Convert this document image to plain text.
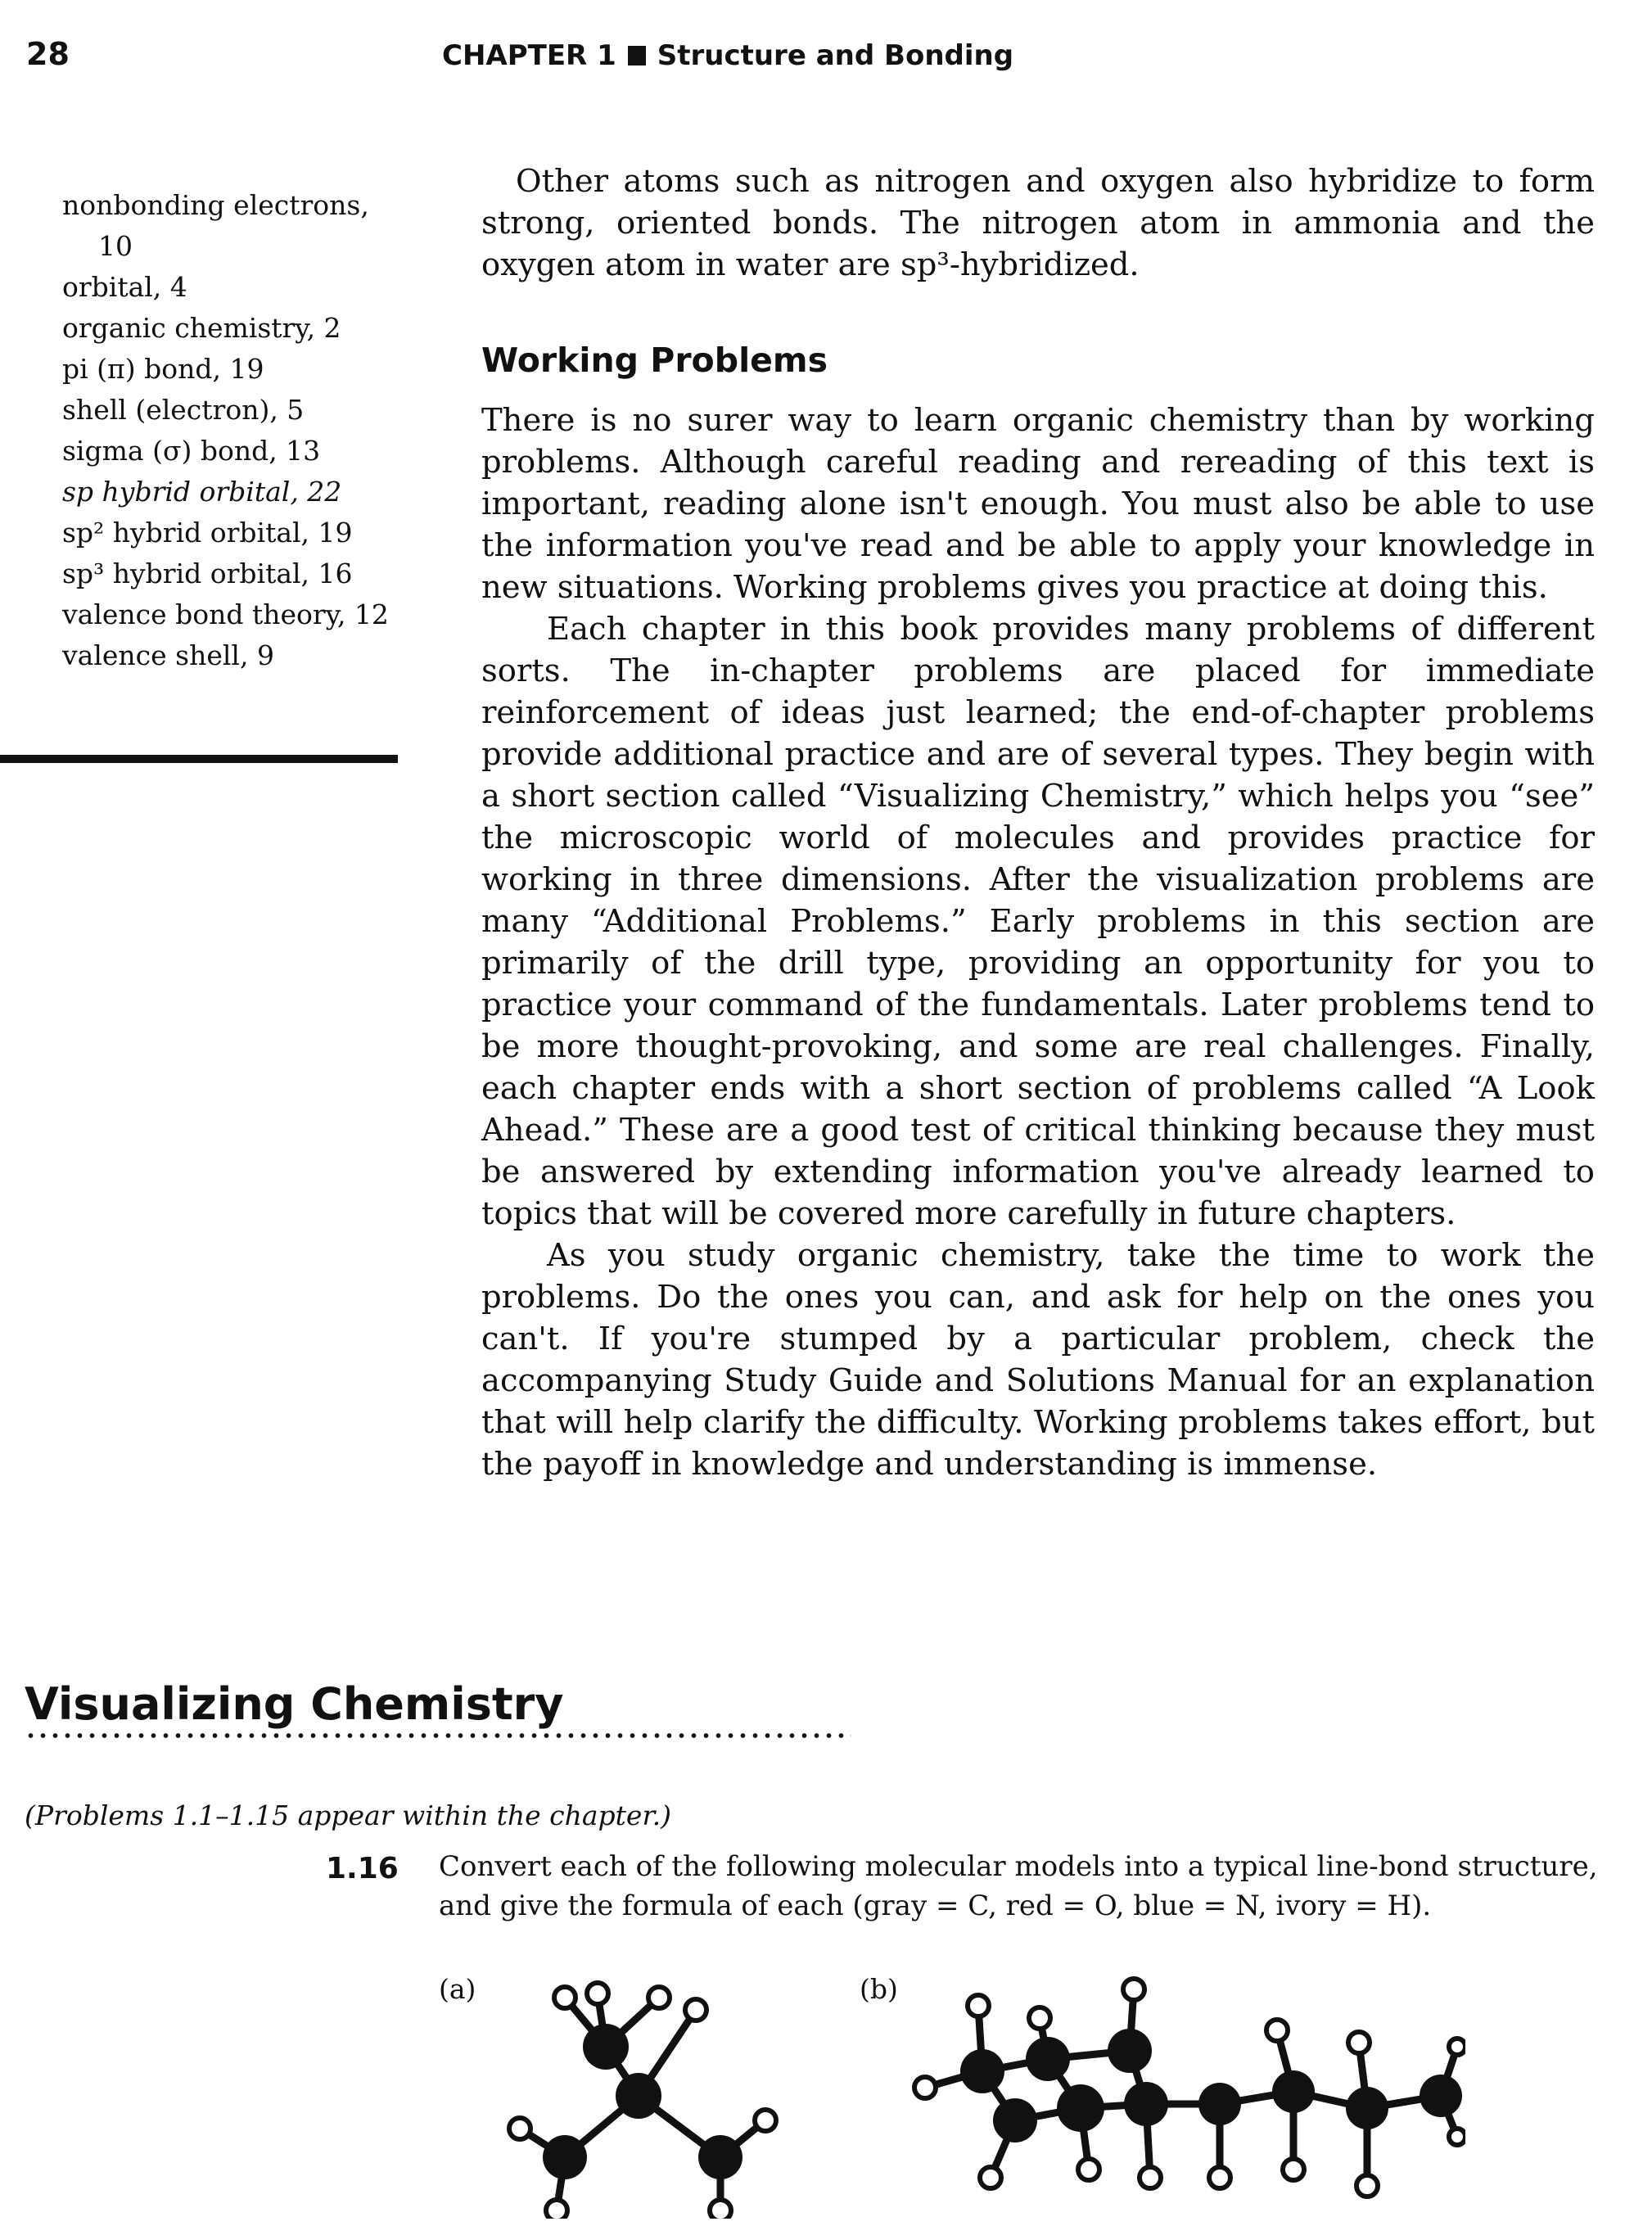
28	CHAPTER 1 Structure and Bonding
nonbonding electrons, 10
orbital, 4
organic chemistry, 2
pi (π) bond, 19
shell (electron), 5
sigma (σ) bond, 13
sp hybrid orbital, 22
sp² hybrid orbital, 19
sp³ hybrid orbital, 16
valence bond theory, 12
valence shell, 9

Other atoms such as nitrogen and oxygen also hybridize to form strong, oriented bonds. The nitrogen atom in ammonia and the oxygen atom in water are sp³-hybridized.

Working Problems

There is no surer way to learn organic chemistry than by working problems. Although careful reading and rereading of this text is important, reading alone isn't enough. You must also be able to use the information you've read and be able to apply your knowledge in new situations. Working problems gives you practice at doing this.

Each chapter in this book provides many problems of different sorts. The in-chapter problems are placed for immediate reinforcement of ideas just learned; the end-of-chapter problems provide additional practice and are of several types. They begin with a short section called “Visualizing Chemistry,” which helps you “see” the microscopic world of molecules and provides practice for working in three dimensions. After the visualization problems are many “Additional Problems.” Early problems in this section are primarily of the drill type, providing an opportunity for you to practice your command of the fundamentals. Later problems tend to be more thought-provoking, and some are real challenges. Finally, each chapter ends with a short section of problems called “A Look Ahead.” These are a good test of critical thinking because they must be answered by extending information you've already learned to topics that will be covered more carefully in future chapters.

As you study organic chemistry, take the time to work the problems. Do the ones you can, and ask for help on the ones you can't. If you're stumped by a particular problem, check the accompanying Study Guide and Solutions Manual for an explanation that will help clarify the difficulty. Working problems takes effort, but the payoff in knowledge and understanding is immense.

Visualizing Chemistry
(Problems 1.1–1.15 appear within the chapter.)
1.16 Convert each of the following molecular models into a typical line-bond structure, and give the formula of each (gray = C, red = O, blue = N, ivory = H).
(a)	(b)
